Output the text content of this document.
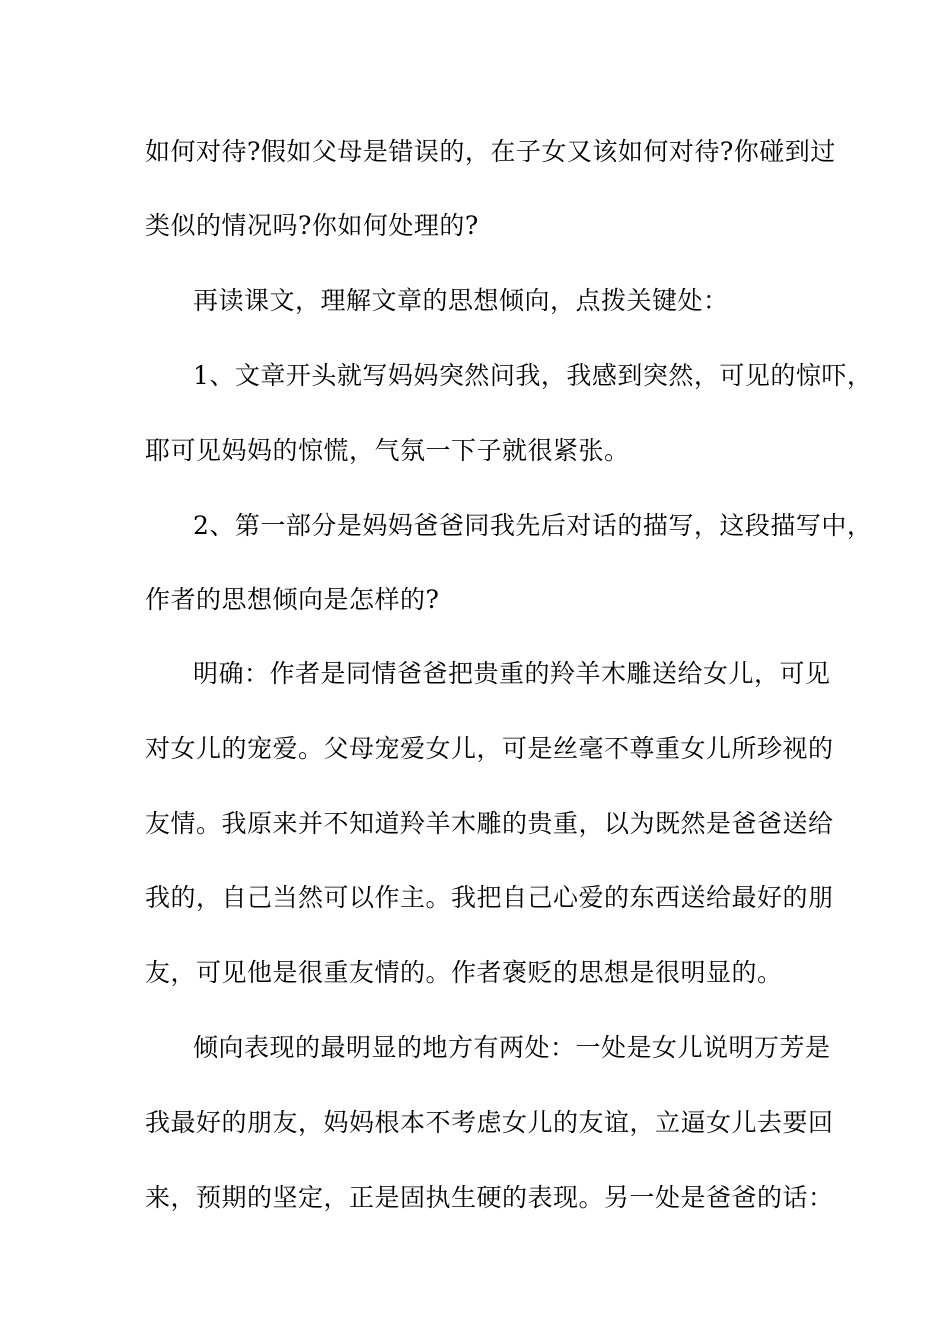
如何对待?假如父母是错误的，在子女又该如何对待?你碰到过
类似的情况吗?你如何处理的?
再读课文，理解文章的思想倾向，点拨关键处：
1、文章开头就写妈妈突然问我，我感到突然，可见的惊吓，
耶可见妈妈的惊慌，气氛一下子就很紧张。
2、第一部分是妈妈爸爸同我先后对话的描写，这段描写中，
作者的思想倾向是怎样的?
明确：作者是同情爸爸把贵重的羚羊木雕送给女儿，可见
对女儿的宠爱。父母宠爱女儿，可是丝毫不尊重女儿所珍视的
友情。我原来并不知道羚羊木雕的贵重，以为既然是爸爸送给
我的，自己当然可以作主。我把自己心爱的东西送给最好的朋
友，可见他是很重友情的。作者褒贬的思想是很明显的。
倾向表现的最明显的地方有两处：一处是女儿说明万芳是
我最好的朋友，妈妈根本不考虑女儿的友谊，立逼女儿去要回
来，预期的坚定，正是固执生硬的表现。另一处是爸爸的话：
